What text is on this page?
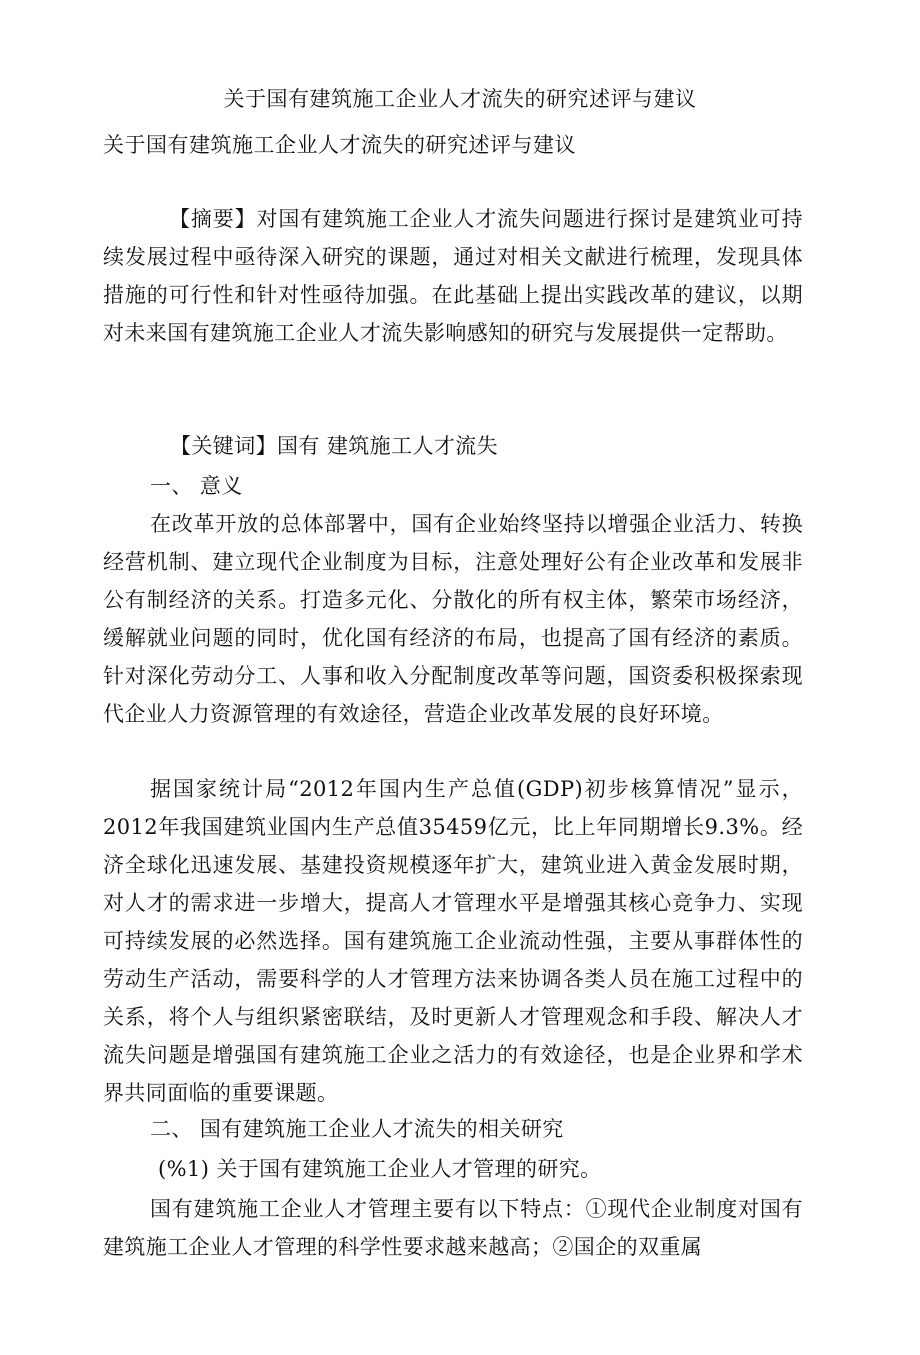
关于国有建筑施工企业人才流失的研究述评与建议
关于国有建筑施工企业人才流失的研究述评与建议

【摘要】对国有建筑施工企业人才流失问题进行探讨是建筑业可持续发展过程中亟待深入研究的课题，通过对相关文献进行梳理，发现具体措施的可行性和针对性亟待加强。在此基础上提出实践改革的建议，以期对未来国有建筑施工企业人才流失影响感知的研究与发展提供一定帮助。

【关键词】国有 建筑施工人才流失

一、 意义

在改革开放的总体部署中，国有企业始终坚持以增强企业活力、转换经营机制、建立现代企业制度为目标，注意处理好公有企业改革和发展非公有制经济的关系。打造多元化、分散化的所有权主体，繁荣市场经济，缓解就业问题的同时，优化国有经济的布局，也提高了国有经济的素质。针对深化劳动分工、人事和收入分配制度改革等问题，国资委积极探索现代企业人力资源管理的有效途径，营造企业改革发展的良好环境。

据国家统计局“2012年国内生产总值(GDP)初步核算情况”显示，2012年我国建筑业国内生产总值35459亿元，比上年同期增长9.3%。经济全球化迅速发展、基建投资规模逐年扩大，建筑业进入黄金发展时期，对人才的需求进一步增大，提高人才管理水平是增强其核心竞争力、实现可持续发展的必然选择。国有建筑施工企业流动性强，主要从事群体性的劳动生产活动，需要科学的人才管理方法来协调各类人员在施工过程中的关系，将个人与组织紧密联结，及时更新人才管理观念和手段、解决人才流失问题是增强国有建筑施工企业之活力的有效途径，也是企业界和学术界共同面临的重要课题。

二、 国有建筑施工企业人才流失的相关研究

(%1) 关于国有建筑施工企业人才管理的研究。

国有建筑施工企业人才管理主要有以下特点：①现代企业制度对国有建筑施工企业人才管理的科学性要求越来越高；②国企的双重属
